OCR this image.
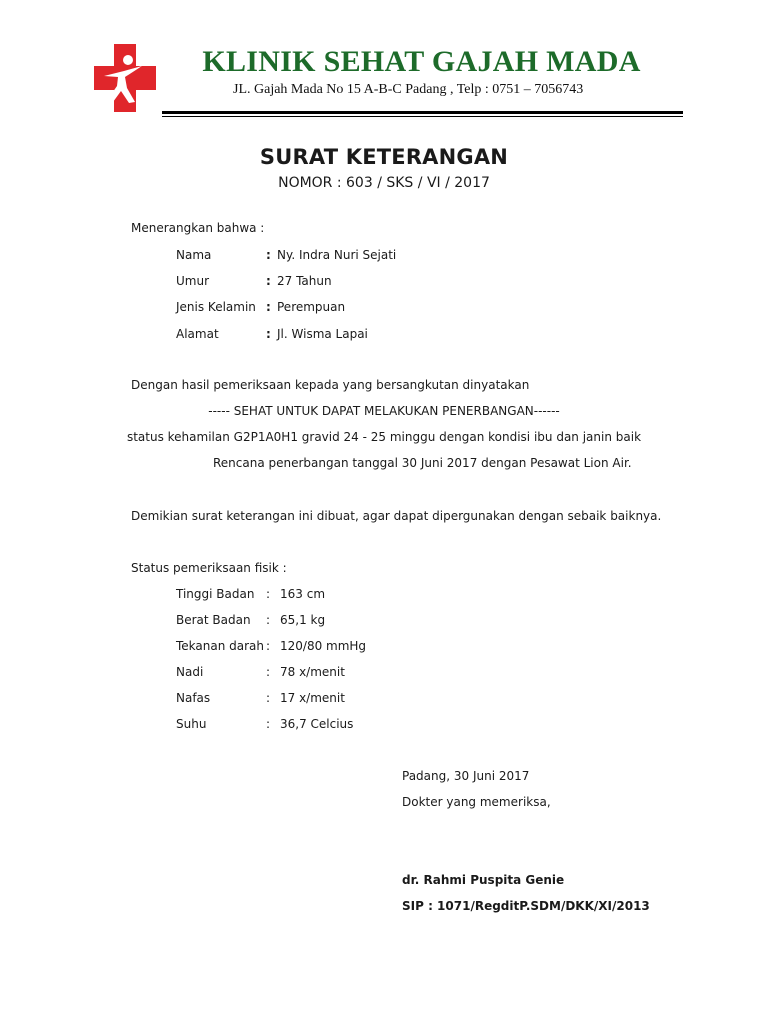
KLINIK SEHAT GAJAH MADA
JL. Gajah Mada No 15 A-B-C Padang , Telp : 0751 – 7056743
SURAT KETERANGAN
NOMOR : 603 / SKS / VI / 2017
Menerangkan bahwa :
Nama	: Ny. Indra Nuri Sejati
Umur	: 27 Tahun
Jenis Kelamin : Perempuan
Alamat	: Jl. Wisma Lapai
Dengan hasil pemeriksaan kepada yang bersangkutan dinyatakan
----- SEHAT UNTUK DAPAT MELAKUKAN PENERBANGAN------
status kehamilan G2P1A0H1 gravid 24 - 25 minggu dengan kondisi ibu dan janin baik
Rencana penerbangan tanggal 30 Juni 2017 dengan Pesawat Lion Air.
Demikian surat keterangan ini dibuat, agar dapat dipergunakan dengan sebaik baiknya.
Status pemeriksaan fisik :
Tinggi Badan : 163 cm
Berat Badan : 65,1 kg
Tekanan darah : 120/80 mmHg
Nadi	: 78 x/menit
Nafas	: 17 x/menit
Suhu	: 36,7 Celcius
Padang, 30 Juni 2017
Dokter yang memeriksa,
dr. Rahmi Puspita Genie
SIP : 1071/RegditP.SDM/DKK/XI/2013
